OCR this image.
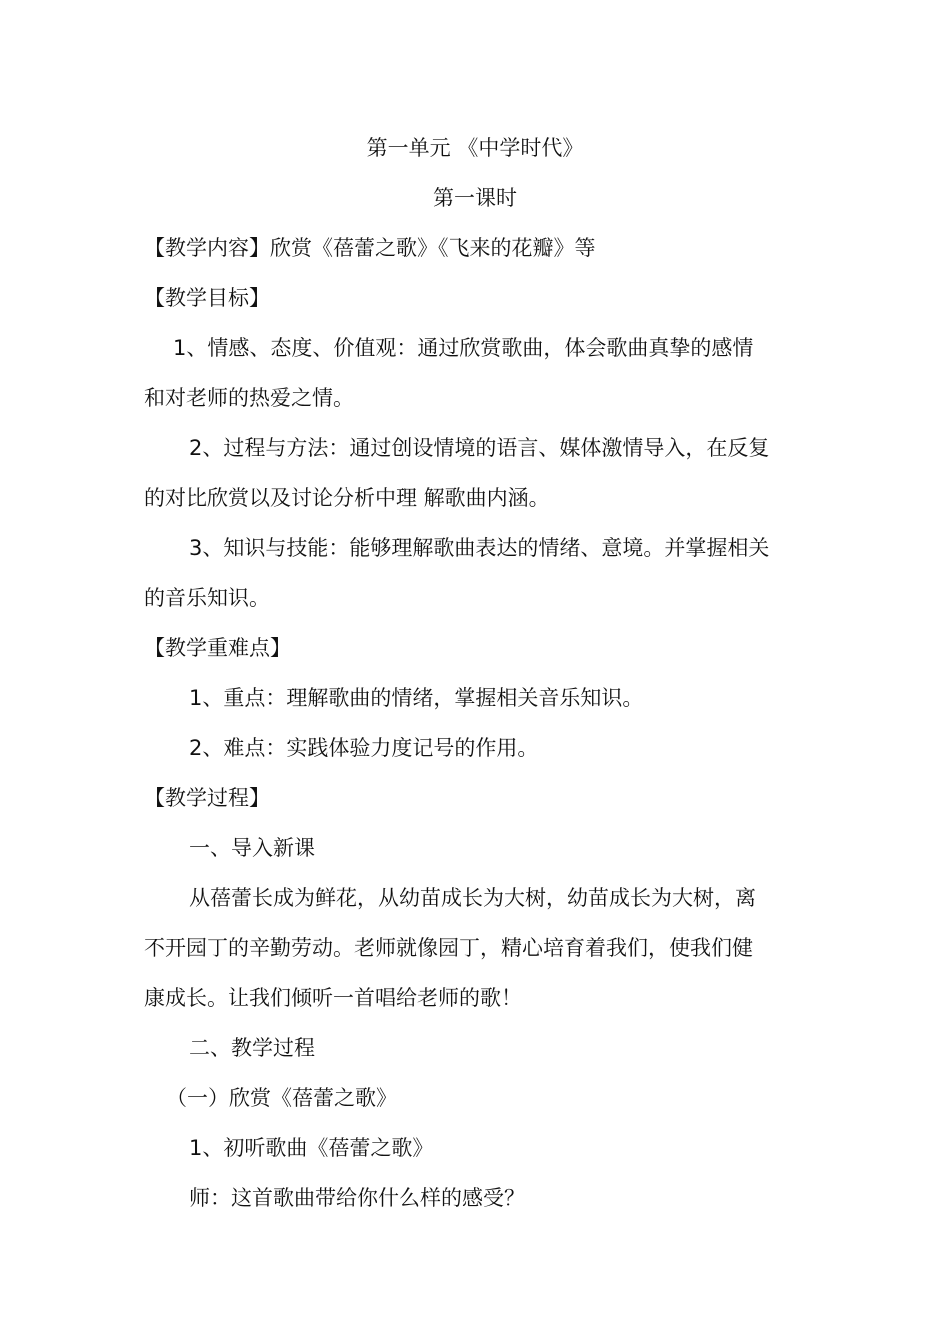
第一单元 《中学时代》
第一课时
【教学内容】欣赏《蓓蕾之歌》《飞来的花瓣》等
【教学目标】
1、情感、态度、价值观：通过欣赏歌曲，体会歌曲真挚的感情
和对老师的热爱之情。
2、过程与方法：通过创设情境的语言、媒体激情导入，在反复
的对比欣赏以及讨论分析中理 解歌曲内涵。
3、知识与技能：能够理解歌曲表达的情绪、意境。并掌握相关
的音乐知识。
【教学重难点】
1、重点：理解歌曲的情绪，掌握相关音乐知识。
2、难点：实践体验力度记号的作用。
【教学过程】
一、导入新课
从蓓蕾长成为鲜花，从幼苗成长为大树，幼苗成长为大树，离
不开园丁的辛勤劳动。老师就像园丁，精心培育着我们，使我们健
康成长。让我们倾听一首唱给老师的歌！
二、教学过程
（一）欣赏《蓓蕾之歌》
1、初听歌曲《蓓蕾之歌》
师：这首歌曲带给你什么样的感受？
